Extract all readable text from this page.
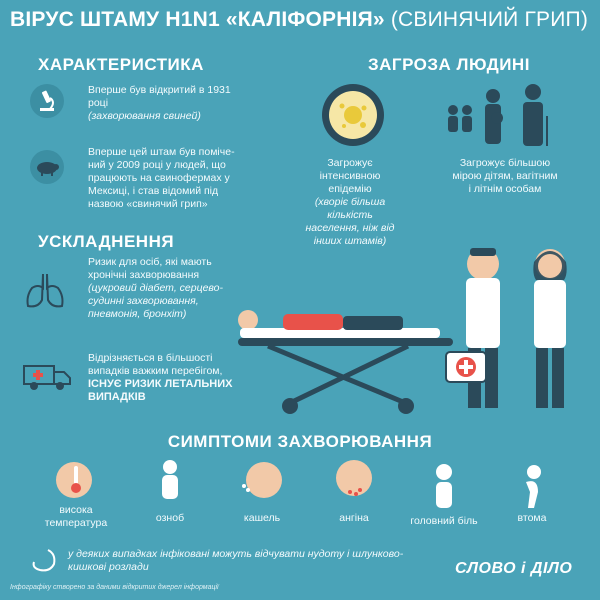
ВІРУС ШТАМУ H1N1 «КАЛІФОРНІЯ» (СВИНЯЧИЙ ГРИП)
ХАРАКТЕРИСТИКА
Вперше був відкритий в 1931 році
(захворювання свиней)
Вперше цей штам був поміче-ний у 2009 році у людей, що працюють на свинофермах у Мексиці, і став відомий під назвою «свинячий грип»
ЗАГРОЗА ЛЮДИНІ
Загрожує інтенсивною епідемію
(хворіє більша кількість населення, ніж від інших штамів)
Загрожує більшою мірою дітям, вагітним і літнім особам
УСКЛАДНЕННЯ
Ризик для осіб, які мають хронічні захворювання
(цукровий діабет, серцево-судинні захворювання, пневмонія, бронхіт)
Відрізняється в більшості випадків важким перебігом,
ІСНУЄ РИЗИК ЛЕТАЛЬНИХ ВИПАДКІВ
СИМПТОМИ ЗАХВОРЮВАННЯ
висока температура	озноб	кашель	ангіна	головний біль	втома
у деяких випадках інфіковані можуть відчувати нудоту і шлунково-кишкові розлади	СЛОВО і ДІЛО
Інфографіку створено за даними відкритих джерел інформації
